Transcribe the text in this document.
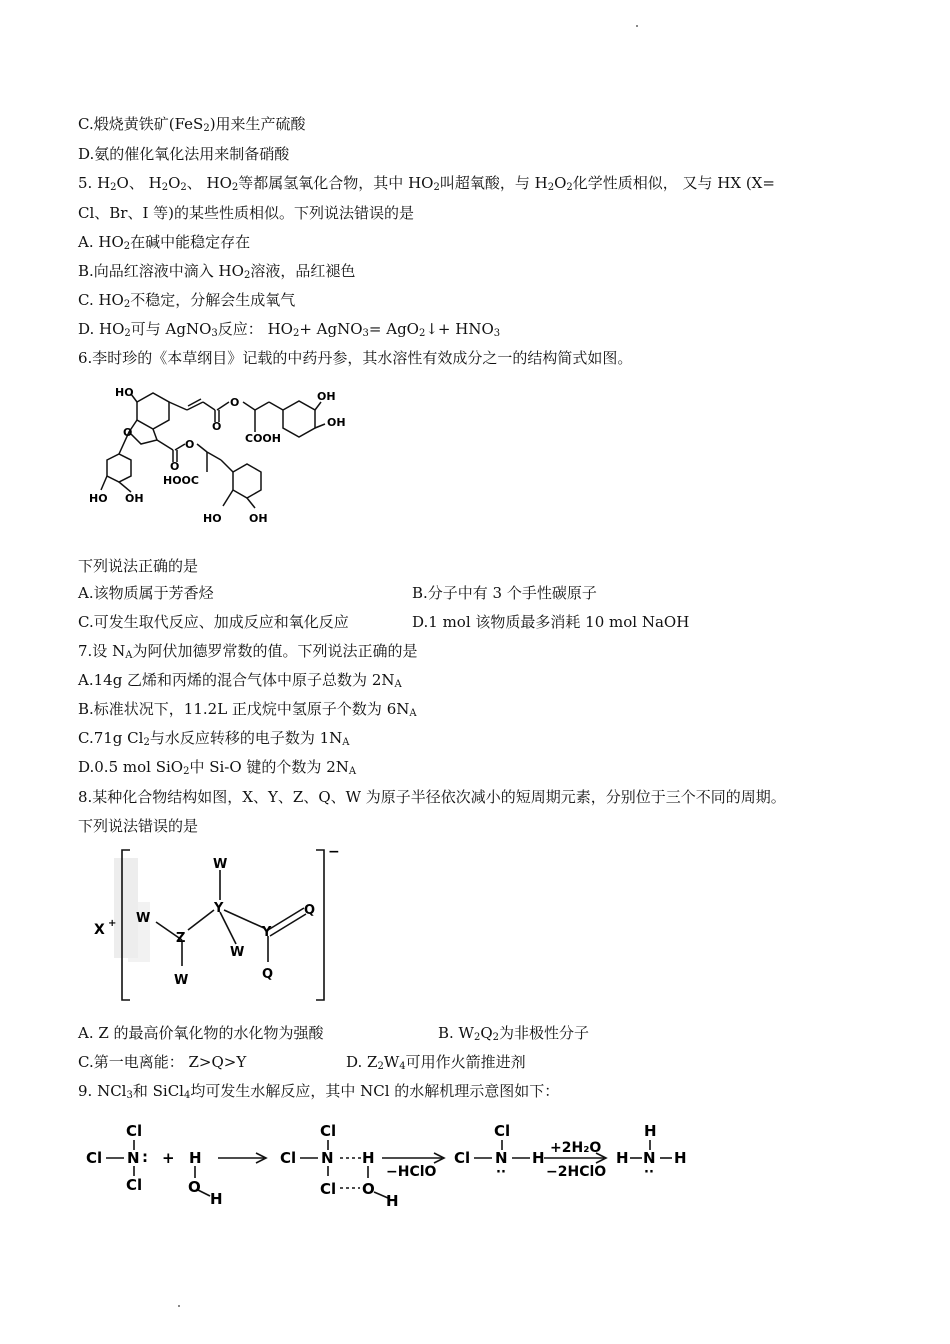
C.煅烧黄铁矿(FeS$_2$)用来生产硫酸
D.氨的催化氧化法用来制备硝酸
5. $H_2O$、 $H_2O_2$、 $HO_2$等都属氢氧化合物，其中 $HO_2$叫超氧酸，与 $H_2O_2$化学性质相似， 又与 HX (X=
Cl、Br、I 等)的某些性质相似。下列说法错误的是
A. $HO_2$在碱中能稳定存在
B.向品红溶液中滴入 $HO_2$溶液，品红褪色
C. $HO_2$不稳定，分解会生成氧气
D. $HO_2$可与 AgNO$_3$反应： $HO_2+$ AgNO$_3$= AgO$_2$↓+ $HNO_3$
6.李时珍的《本草纲目》记载的中药丹参，其水溶性有效成分之一的结构简式如图。
HO
O
O
O
OH
OH
COOH
O
O
HOOC
HO OH
HO OH
下列说法正确的是
A.该物质属于芳香烃	B.分子中有 3 个手性碳原子
C.可发生取代反应、加成反应和氧化反应	D.1 mol 该物质最多消耗 10 mol NaOH
7.设 $N_A$为阿伏加德罗常数的值。下列说法正确的是
A.14g 乙烯和丙烯的混合气体中原子总数为 $2N_A$
B.标准状况下，11.2L 正戊烷中氢原子个数为 $6N_A$
C.71g $Cl_2$与水反应转移的电子数为 $1N_A$
D.0.5 mol SiO$_2$中 Si-O 键的个数为 $2N_A$
8.某种化合物结构如图，X、Y、Z、Q、W 为原子半径依次减小的短周期元素，分别位于三个不同的周期。
下列说法错误的是
X +
−
W
Y
W
Z
W
Y
Q
Q
W
A. Z 的最高价氧化物的水化物为强酸	B. $W_2Q_2$为非极性分子
C.第一电离能： Z>Q>Y	D. $Z_2W_4$可用作火箭推进剂
9. NCl$_3$和 SiCl$_4$均可发生水解反应，其中 NCl 的水解机理示意图如下：
Cl
Cl N :
Cl
+ H
O
H
Cl
Cl N H
Cl O
H
−HClO
Cl
Cl N
··
H
+2H₂O
−2HClO
H
H N
··
H
